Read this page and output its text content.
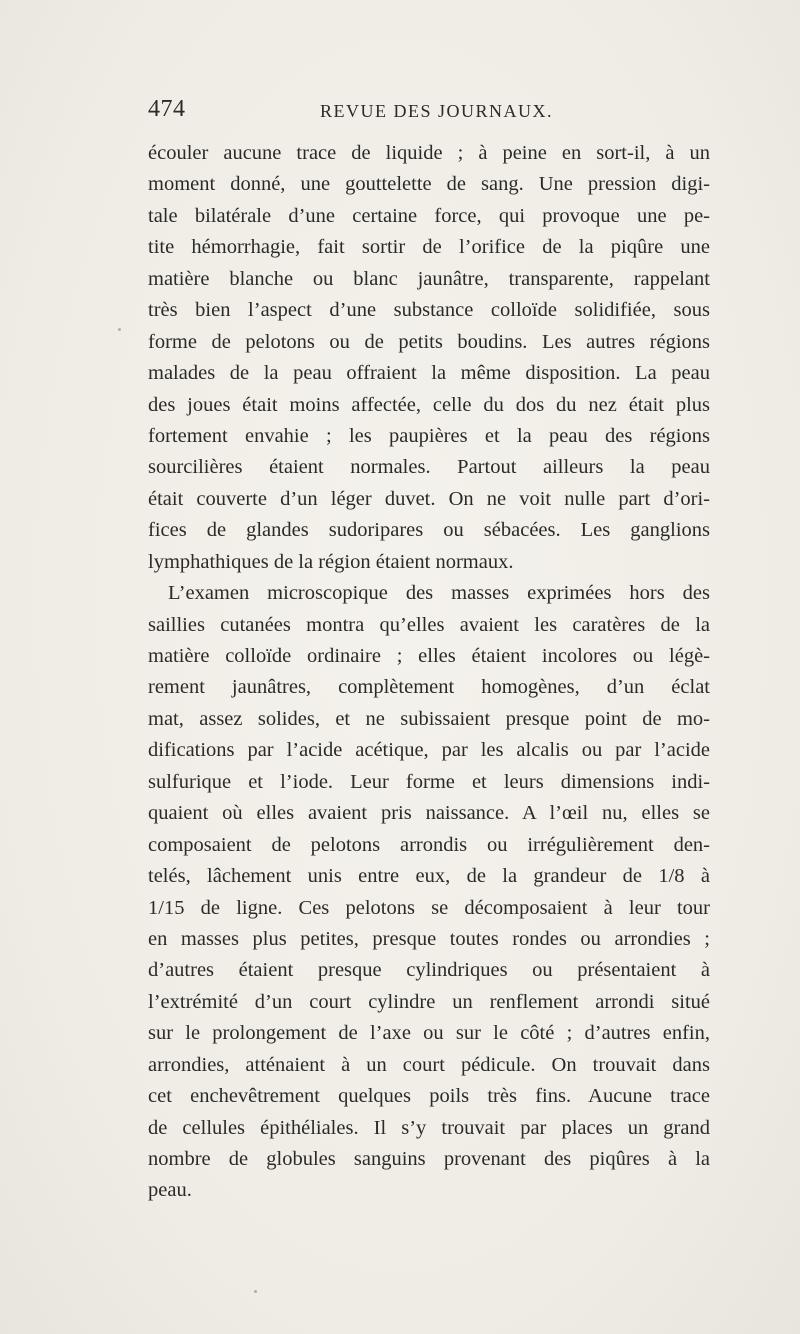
474	REVUE DES JOURNAUX.
écouler aucune trace de liquide ; à peine en sort-il, à un
moment donné, une gouttelette de sang. Une pression digi-
tale bilatérale d’une certaine force, qui provoque une pe-
tite hémorrhagie, fait sortir de l’orifice de la piqûre une
matière blanche ou blanc jaunâtre, transparente, rappelant
très bien l’aspect d’une substance colloïde solidifiée, sous
forme de pelotons ou de petits boudins. Les autres régions
malades de la peau offraient la même disposition. La peau
des joues était moins affectée, celle du dos du nez était plus
fortement envahie ; les paupières et la peau des régions
sourcilières étaient normales. Partout ailleurs la peau
était couverte d’un léger duvet. On ne voit nulle part d’ori-
fices de glandes sudoripares ou sébacées. Les ganglions
lymphathiques de la région étaient normaux.
L’examen microscopique des masses exprimées hors des
saillies cutanées montra qu’elles avaient les caratères de la
matière colloïde ordinaire ; elles étaient incolores ou légè-
rement jaunâtres, complètement homogènes, d’un éclat
mat, assez solides, et ne subissaient presque point de mo-
difications par l’acide acétique, par les alcalis ou par l’acide
sulfurique et l’iode. Leur forme et leurs dimensions indi-
quaient où elles avaient pris naissance. A l’œil nu, elles se
composaient de pelotons arrondis ou irrégulièrement den-
telés, lâchement unis entre eux, de la grandeur de 1/8 à
1/15 de ligne. Ces pelotons se décomposaient à leur tour
en masses plus petites, presque toutes rondes ou arrondies ;
d’autres étaient presque cylindriques ou présentaient à
l’extrémité d’un court cylindre un renflement arrondi situé
sur le prolongement de l’axe ou sur le côté ; d’autres enfin,
arrondies, atténaient à un court pédicule. On trouvait dans
cet enchevêtrement quelques poils très fins. Aucune trace
de cellules épithéliales. Il s’y trouvait par places un grand
nombre de globules sanguins provenant des piqûres à la
peau.
